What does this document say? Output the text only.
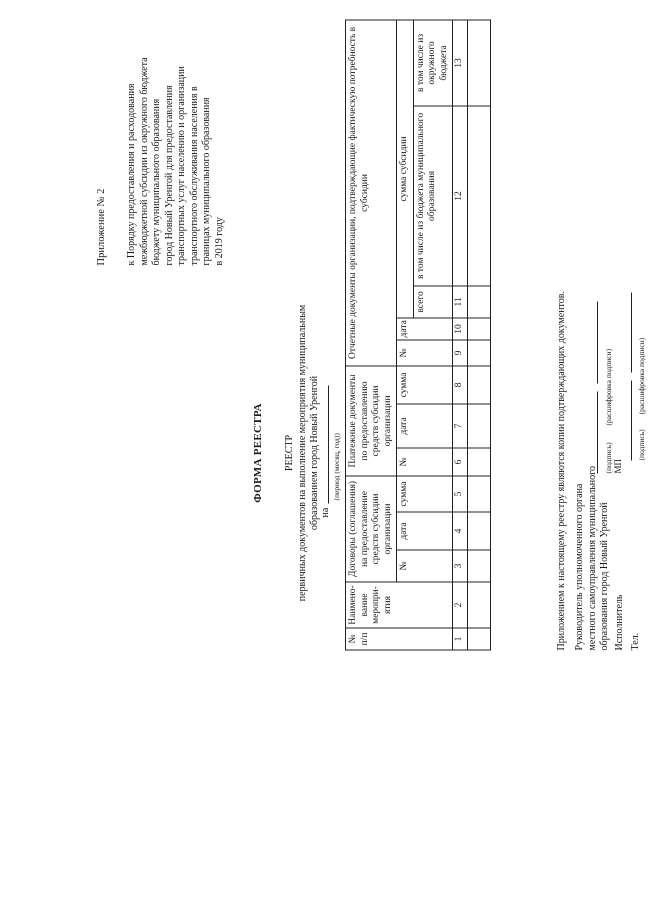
Приложение № 2 к Порядку предоставления и расходования межбюджетной субсидии из окружного бюджета бюджету муниципального образования город Новый Уренгой для предоставления транспортных услуг населению и организации транспортного обслуживания населения в границах муниципального образования в 2019 году
ФОРМА РЕЕСТРА РЕЕСТР первичных документов на выполнение мероприятия муниципальным образованием город Новый Уренгой на
(период (месяц, год))
№ п/п	Наимено-вание меропри-ятия	Договоры (соглашения) на предоставление средств субсидии организации			Платежные документы по предоставлению средств субсидии организации			Отчетные документы организации, подтверждающие фактическую потребность в субсидии				
		№	дата	сумма	№	дата	сумма	№	дата	сумма субсидии		
										всего	в том числе из бюджета муниципального образования	в том числе из окружного бюджета
1	2	3	4	5	6	7	8	9	10	11	12	13

Приложением к настоящему реестру являются копии подтверждающих документов. Руководитель уполномоченного органа местного самоуправления муниципального образования город Новый Уренгой

(подпись)         (расшифровка подписи)
МП
Исполнитель

(подпись)        (расшифровка подписи)
Тел.
